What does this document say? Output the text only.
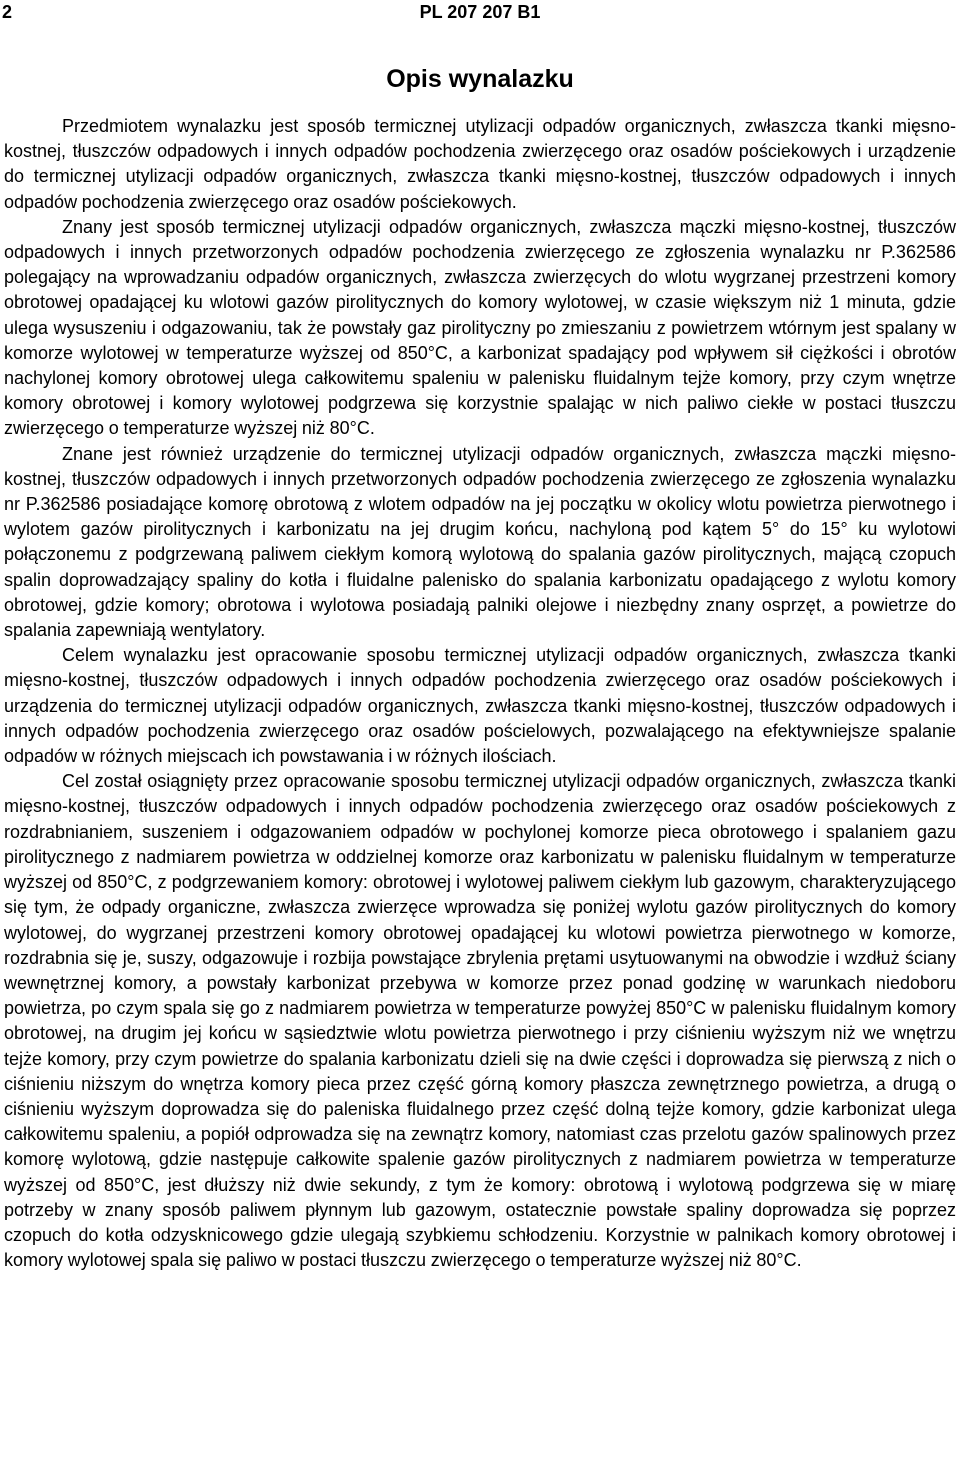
2	PL 207 207 B1
Opis wynalazku

Przedmiotem wynalazku jest sposób termicznej utylizacji odpadów organicznych, zwłaszcza tkanki mięsno-kostnej, tłuszczów odpadowych i innych odpadów pochodzenia zwierzęcego oraz osadów pościekowych i urządzenie do termicznej utylizacji odpadów organicznych, zwłaszcza tkanki mięsno-kostnej, tłuszczów odpadowych i innych odpadów pochodzenia zwierzęcego oraz osadów pościekowych.

Znany jest sposób termicznej utylizacji odpadów organicznych, zwłaszcza mączki mięsno-kostnej, tłuszczów odpadowych i innych przetworzonych odpadów pochodzenia zwierzęcego ze zgłoszenia wynalazku nr P.362586 polegający na wprowadzaniu odpadów organicznych, zwłaszcza zwierzęcych do wlotu wygrzanej przestrzeni komory obrotowej opadającej ku wlotowi gazów pirolitycznych do komory wylotowej, w czasie większym niż 1 minuta, gdzie ulega wysuszeniu i odgazowaniu, tak że powstały gaz pirolityczny po zmieszaniu z powietrzem wtórnym jest spalany w komorze wylotowej w temperaturze wyższej od 850°C, a karbonizat spadający pod wpływem sił ciężkości i obrotów nachylonej komory obrotowej ulega całkowitemu spaleniu w palenisku fluidalnym tejże komory, przy czym wnętrze komory obrotowej i komory wylotowej podgrzewa się korzystnie spalając w nich paliwo ciekłe w postaci tłuszczu zwierzęcego o temperaturze wyższej niż 80°C.

Znane jest również urządzenie do termicznej utylizacji odpadów organicznych, zwłaszcza mączki mięsno-kostnej, tłuszczów odpadowych i innych przetworzonych odpadów pochodzenia zwierzęcego ze zgłoszenia wynalazku nr P.362586 posiadające komorę obrotową z wlotem odpadów na jej początku w okolicy wlotu powietrza pierwotnego i wylotem gazów pirolitycznych i karbonizatu na jej drugim końcu, nachyloną pod kątem 5° do 15° ku wylotowi połączonemu z podgrzewaną paliwem ciekłym komorą wylotową do spalania gazów pirolitycznych, mającą czopuch spalin doprowadzający spaliny do kotła i fluidalne palenisko do spalania karbonizatu opadającego z wylotu komory obrotowej, gdzie komory; obrotowa i wylotowa posiadają palniki olejowe i niezbędny znany osprzęt, a powietrze do spalania zapewniają wentylatory.

Celem wynalazku jest opracowanie sposobu termicznej utylizacji odpadów organicznych, zwłaszcza tkanki mięsno-kostnej, tłuszczów odpadowych i innych odpadów pochodzenia zwierzęcego oraz osadów pościekowych i urządzenia do termicznej utylizacji odpadów organicznych, zwłaszcza tkanki mięsno-kostnej, tłuszczów odpadowych i innych odpadów pochodzenia zwierzęcego oraz osadów pościelowych, pozwalającego na efektywniejsze spalanie odpadów w różnych miejscach ich powstawania i w różnych ilościach.

Cel został osiągnięty przez opracowanie sposobu termicznej utylizacji odpadów organicznych, zwłaszcza tkanki mięsno-kostnej, tłuszczów odpadowych i innych odpadów pochodzenia zwierzęcego oraz osadów pościekowych z rozdrabnianiem, suszeniem i odgazowaniem odpadów w pochylonej komorze pieca obrotowego i spalaniem gazu pirolitycznego z nadmiarem powietrza w oddzielnej komorze oraz karbonizatu w palenisku fluidalnym w temperaturze wyższej od 850°C, z podgrzewaniem komory: obrotowej i wylotowej paliwem ciekłym lub gazowym, charakteryzującego się tym, że odpady organiczne, zwłaszcza zwierzęce wprowadza się poniżej wylotu gazów pirolitycznych do komory wylotowej, do wygrzanej przestrzeni komory obrotowej opadającej ku wlotowi powietrza pierwotnego w komorze, rozdrabnia się je, suszy, odgazowuje i rozbija powstające zbrylenia prętami usytuowanymi na obwodzie i wzdłuż ściany wewnętrznej komory, a powstały karbonizat przebywa w komorze przez ponad godzinę w warunkach niedoboru powietrza, po czym spala się go z nadmiarem powietrza w temperaturze powyżej 850°C w palenisku fluidalnym komory obrotowej, na drugim jej końcu w sąsiedztwie wlotu powietrza pierwotnego i przy ciśnieniu wyższym niż we wnętrzu tejże komory, przy czym powietrze do spalania karbonizatu dzieli się na dwie części i doprowadza się pierwszą z nich o ciśnieniu niższym do wnętrza komory pieca przez część górną komory płaszcza zewnętrznego powietrza, a drugą o ciśnieniu wyższym doprowadza się do paleniska fluidalnego przez część dolną tejże komory, gdzie karbonizat ulega całkowitemu spaleniu, a popiół odprowadza się na zewnątrz komory, natomiast czas przelotu gazów spalinowych przez komorę wylotową, gdzie następuje całkowite spalenie gazów pirolitycznych z nadmiarem powietrza w temperaturze wyższej od 850°C, jest dłuższy niż dwie sekundy, z tym że komory: obrotową i wylotową podgrzewa się w miarę potrzeby w znany sposób paliwem płynnym lub gazowym, ostatecznie powstałe spaliny doprowadza się poprzez czopuch do kotła odzysknicowego gdzie ulegają szybkiemu schłodzeniu. Korzystnie w palnikach komory obrotowej i komory wylotowej spala się paliwo w postaci tłuszczu zwierzęcego o temperaturze wyższej niż 80°C.
